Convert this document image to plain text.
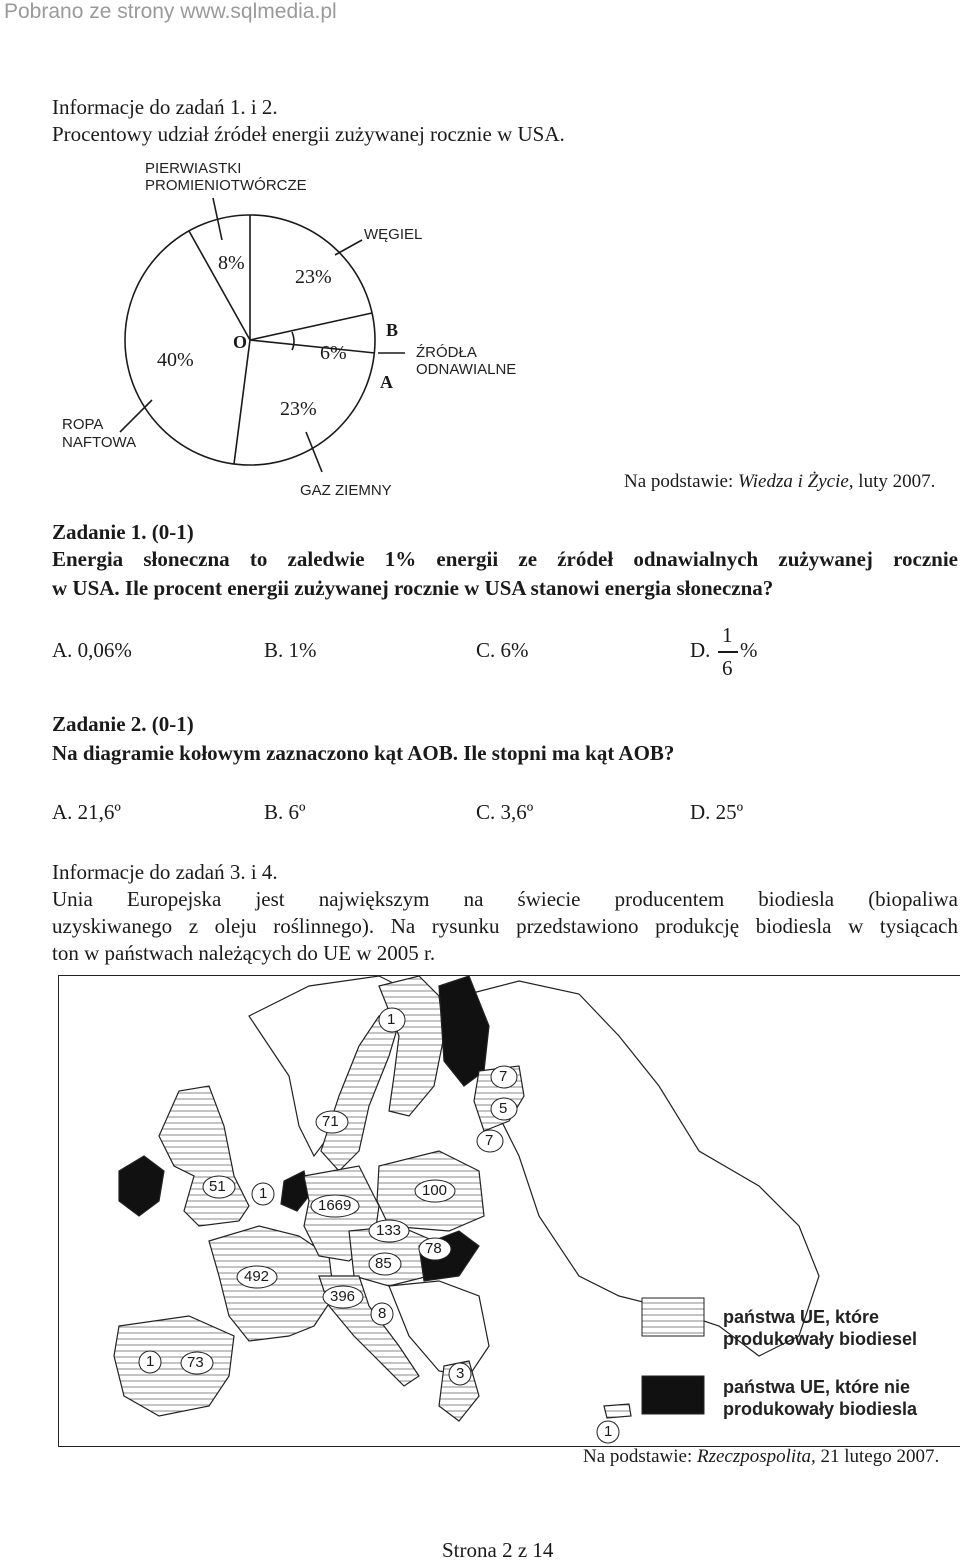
Pobrano ze strony www.sqlmedia.pl
Informacje do zadań 1. i 2.
Procentowy udział źródeł energii zużywanej rocznie w USA.
PIERWIASTKI
PROMIENIOTWÓRCZE
WĘGIEL
ŹRÓDŁA
ODNAWIALNE
ROPA
NAFTOWA
GAZ ZIEMNY
8%
23%
6%
40%
23%
O
B
A
Na podstawie: Wiedza i Życie, luty 2007.
Zadanie 1. (0-1)
Energia słoneczna to zaledwie 1% energii ze źródeł odnawialnych zużywanej rocznie
w USA. Ile procent energii zużywanej rocznie w USA stanowi energia słoneczna?
A. 0,06%	B. 1%	C. 6%	D.
1
6
%
Zadanie 2. (0-1)
Na diagramie kołowym zaznaczono kąt AOB. Ile stopni ma kąt AOB?
A. 21,6º	B. 6º	C. 3,6º	D. 25º
Informacje do zadań 3. i 4.
Unia Europejska jest największym na świecie producentem biodiesla (biopaliwa
uzyskiwanego z oleju roślinnego). Na rysunku przedstawiono produkcję biodiesla w tysiącach
ton w państwach należących do UE w 2005 r.
1
7
5
7
71
51 1
1669
100
133
78
85
492
396
8
1 73
3
1
państwa UE, które
produkowały biodiesel
państwa UE, które nie
produkowały biodiesla
Na podstawie: Rzeczpospolita, 21 lutego 2007.
Strona 2 z 14
